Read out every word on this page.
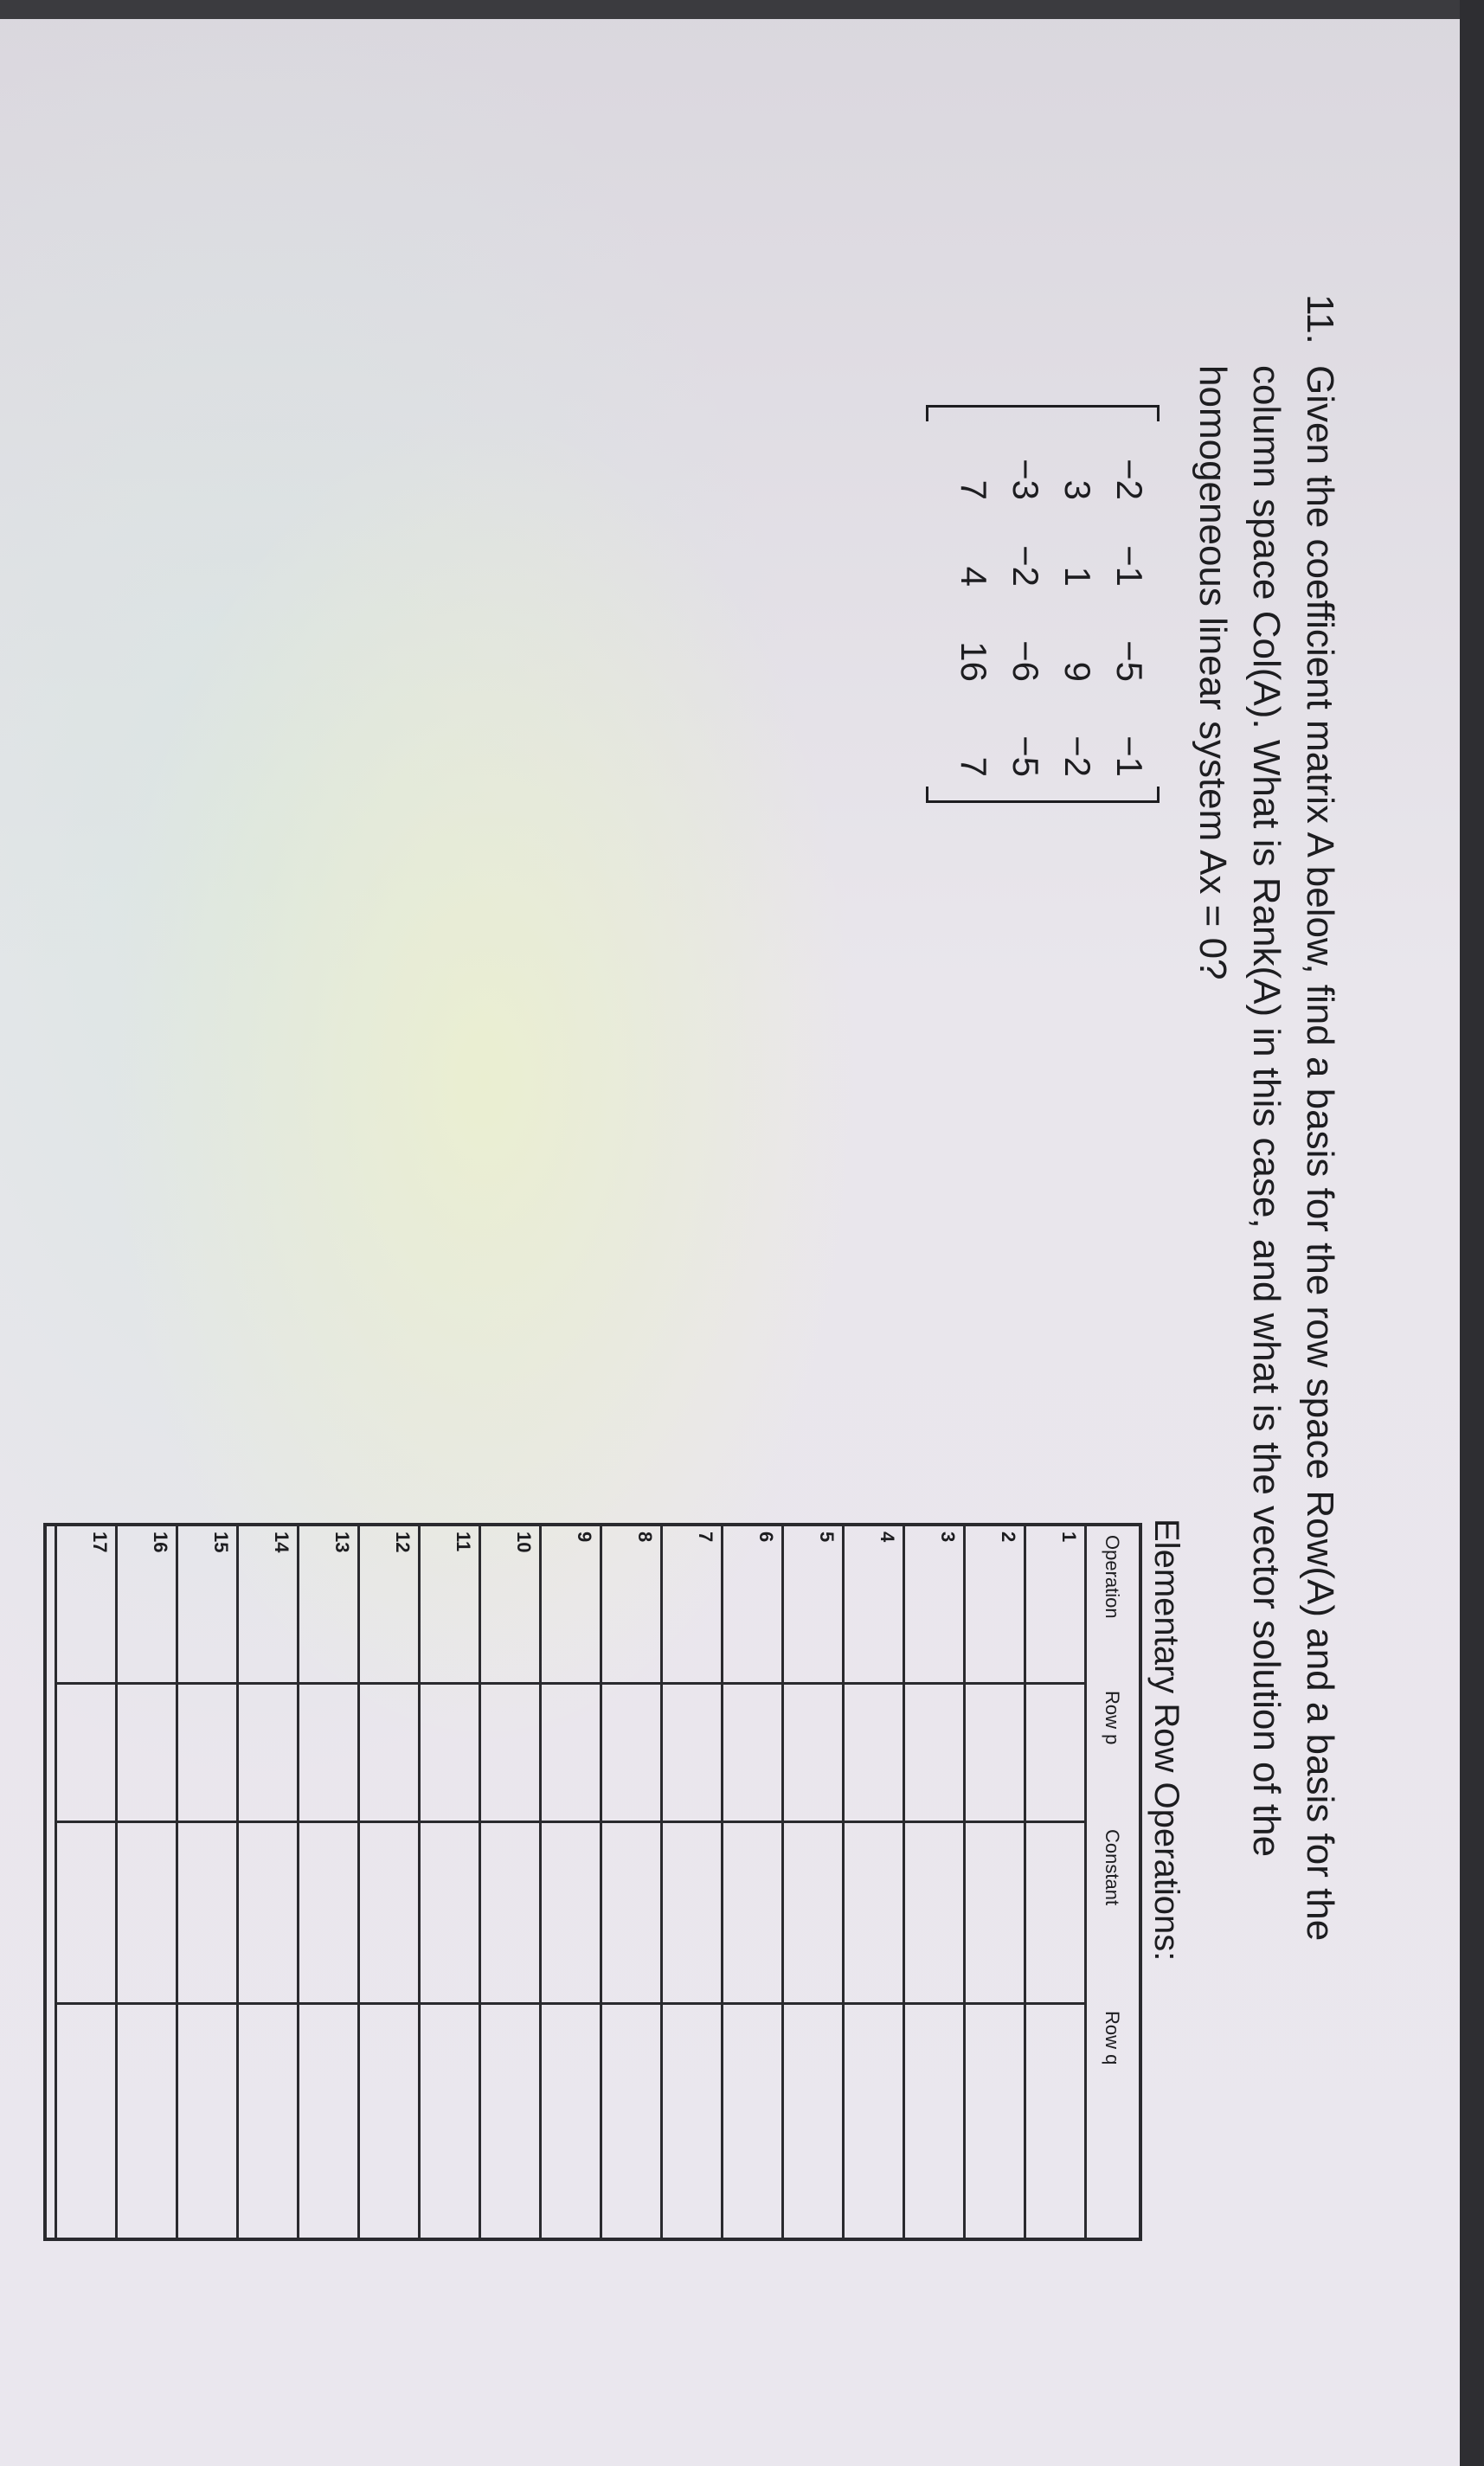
11.
Given the coefficient matrix A below, find a basis for the row space Row(A) and a basis for the
column space Col(A). What is Rank(A) in this case, and what is the vector solution of the
homogeneous linear system Ax = 0?
−2
−1
−5
−1
3
1
9
−2
−3
−2
−6
−5
7
4
16
7
Elementary Row Operations:
Operation
Row p
Constant
Row q
1
2
3
4
5
6
7
8
9
10
11
12
13
14
15
16
17
